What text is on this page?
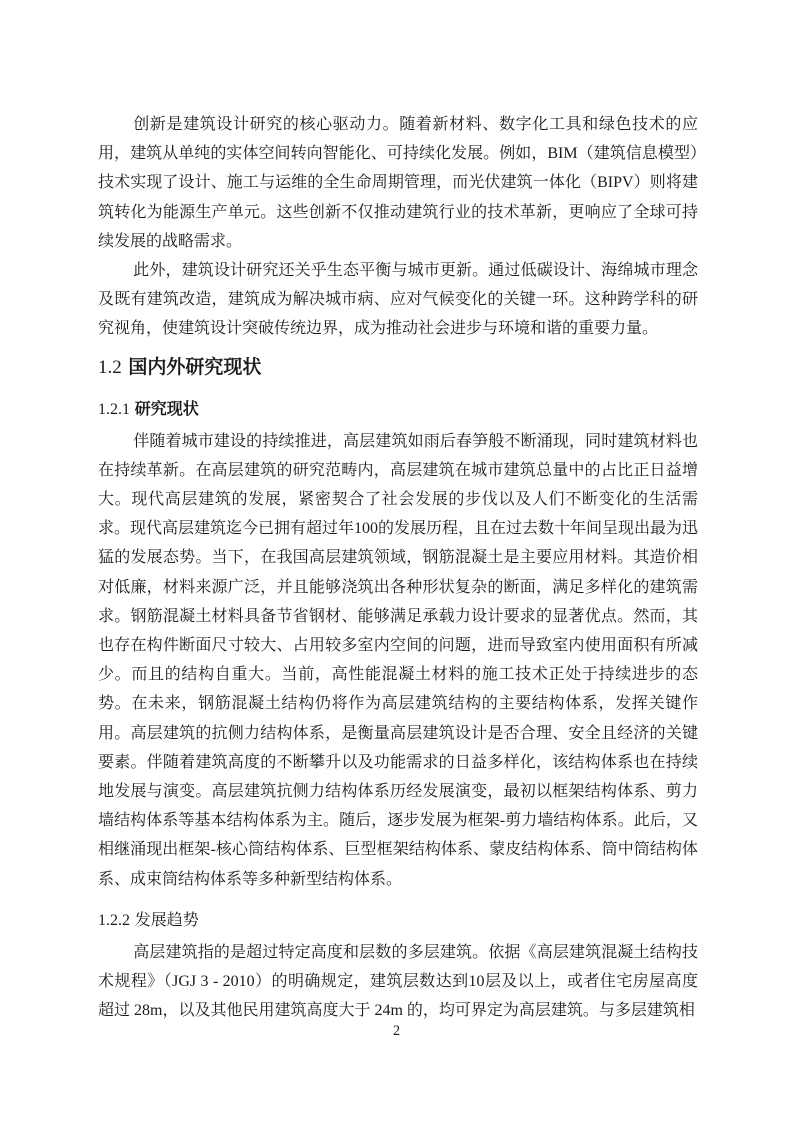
创新是建筑设计研究的核心驱动力。随着新材料、数字化工具和绿色技术的应用，建筑从单纯的实体空间转向智能化、可持续化发展。例如，BIM（建筑信息模型）技术实现了设计、施工与运维的全生命周期管理，而光伏建筑一体化（BIPV）则将建筑转化为能源生产单元。这些创新不仅推动建筑行业的技术革新，更响应了全球可持续发展的战略需求。

此外，建筑设计研究还关乎生态平衡与城市更新。通过低碳设计、海绵城市理念及既有建筑改造，建筑成为解决城市病、应对气候变化的关键一环。这种跨学科的研究视角，使建筑设计突破传统边界，成为推动社会进步与环境和谐的重要力量。

1.2 国内外研究现状
1.2.1 研究现状

伴随着城市建设的持续推进，高层建筑如雨后春笋般不断涌现，同时建筑材料也在持续革新。在高层建筑的研究范畴内，高层建筑在城市建筑总量中的占比正日益增大。现代高层建筑的发展，紧密契合了社会发展的步伐以及人们不断变化的生活需求。现代高层建筑迄今已拥有超过年100的发展历程，且在过去数十年间呈现出最为迅猛的发展态势。当下，在我国高层建筑领域，钢筋混凝土是主要应用材料。其造价相对低廉，材料来源广泛，并且能够浇筑出各种形状复杂的断面，满足多样化的建筑需求。钢筋混凝土材料具备节省钢材、能够满足承载力设计要求的显著优点。然而，其也存在构件断面尺寸较大、占用较多室内空间的问题，进而导致室内使用面积有所减少。而且的结构自重大。当前，高性能混凝土材料的施工技术正处于持续进步的态势。在未来，钢筋混凝土结构仍将作为高层建筑结构的主要结构体系，发挥关键作用。高层建筑的抗侧力结构体系，是衡量高层建筑设计是否合理、安全且经济的关键要素。伴随着建筑高度的不断攀升以及功能需求的日益多样化，该结构体系也在持续地发展与演变。高层建筑抗侧力结构体系历经发展演变，最初以框架结构体系、剪力墙结构体系等基本结构体系为主。随后，逐步发展为框架-剪力墙结构体系。此后，又相继涌现出框架-核心筒结构体系、巨型框架结构体系、蒙皮结构体系、筒中筒结构体系、成束筒结构体系等多种新型结构体系。

1.2.2 发展趋势

高层建筑指的是超过特定高度和层数的多层建筑。依据《高层建筑混凝土结构技术规程》（JGJ 3 - 2010）的明确规定，建筑层数达到10层及以上，或者住宅房屋高度超过 28m，以及其他民用建筑高度大于 24m 的，均可界定为高层建筑。与多层建筑相

2
